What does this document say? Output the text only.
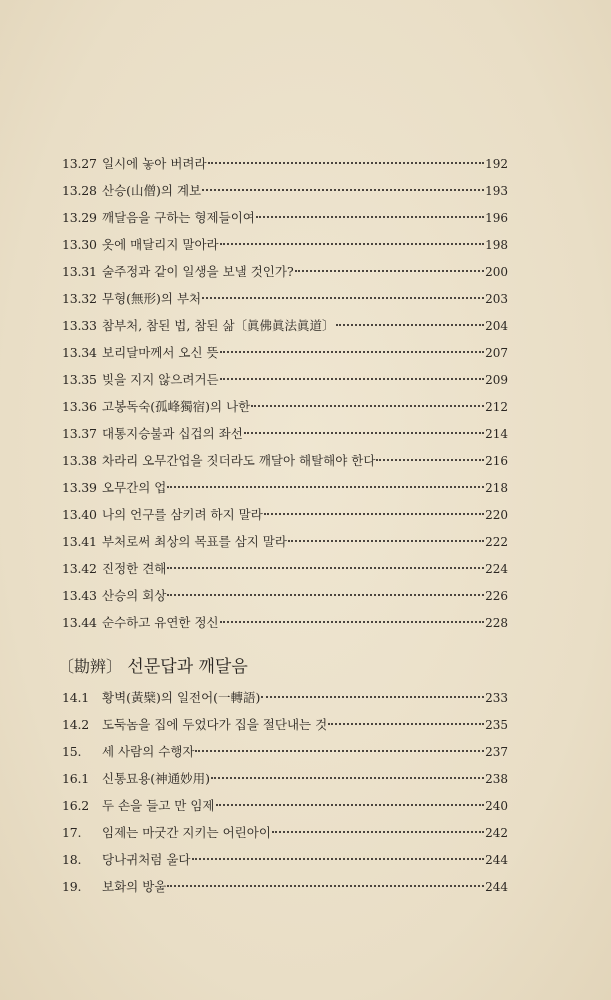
13.27 일시에 놓아 버려라	192
13.28 산승(山僧)의 계보	193
13.29 깨달음을 구하는 형제들이여	196
13.30 옷에 매달리지 말아라	198
13.31 술주정과 같이 일생을 보낼 것인가?	200
13.32 무형(無形)의 부처	203
13.33 참부처, 참된 법, 참된 삶〔眞佛眞法眞道〕	204
13.34 보리달마께서 오신 뜻	207
13.35 빚을 지지 않으려거든	209
13.36 고봉독숙(孤峰獨宿)의 나한	212
13.37 대통지승불과 십겁의 좌선	214
13.38 차라리 오무간업을 짓더라도 깨달아 해탈해야 한다	216
13.39 오무간의 업	218
13.40 나의 언구를 삼키려 하지 말라	220
13.41 부처로써 최상의 목표를 삼지 말라	222
13.42 진정한 견해	224
13.43 산승의 회상	226
13.44 순수하고 유연한 정신	228
〔勘辨〕 선문답과 깨달음
14.1	황벽(黃檗)의 일전어(一轉語)	233
14.2	도둑놈을 집에 두었다가 집을 절단내는 것	235
15.	세 사람의 수행자	237
16.1	신통묘용(神通妙用)	238
16.2	두 손을 들고 만 임제	240
17.	임제는 마굿간 지키는 어린아이	242
18.	당나귀처럼 울다	244
19.	보화의 방울	244
